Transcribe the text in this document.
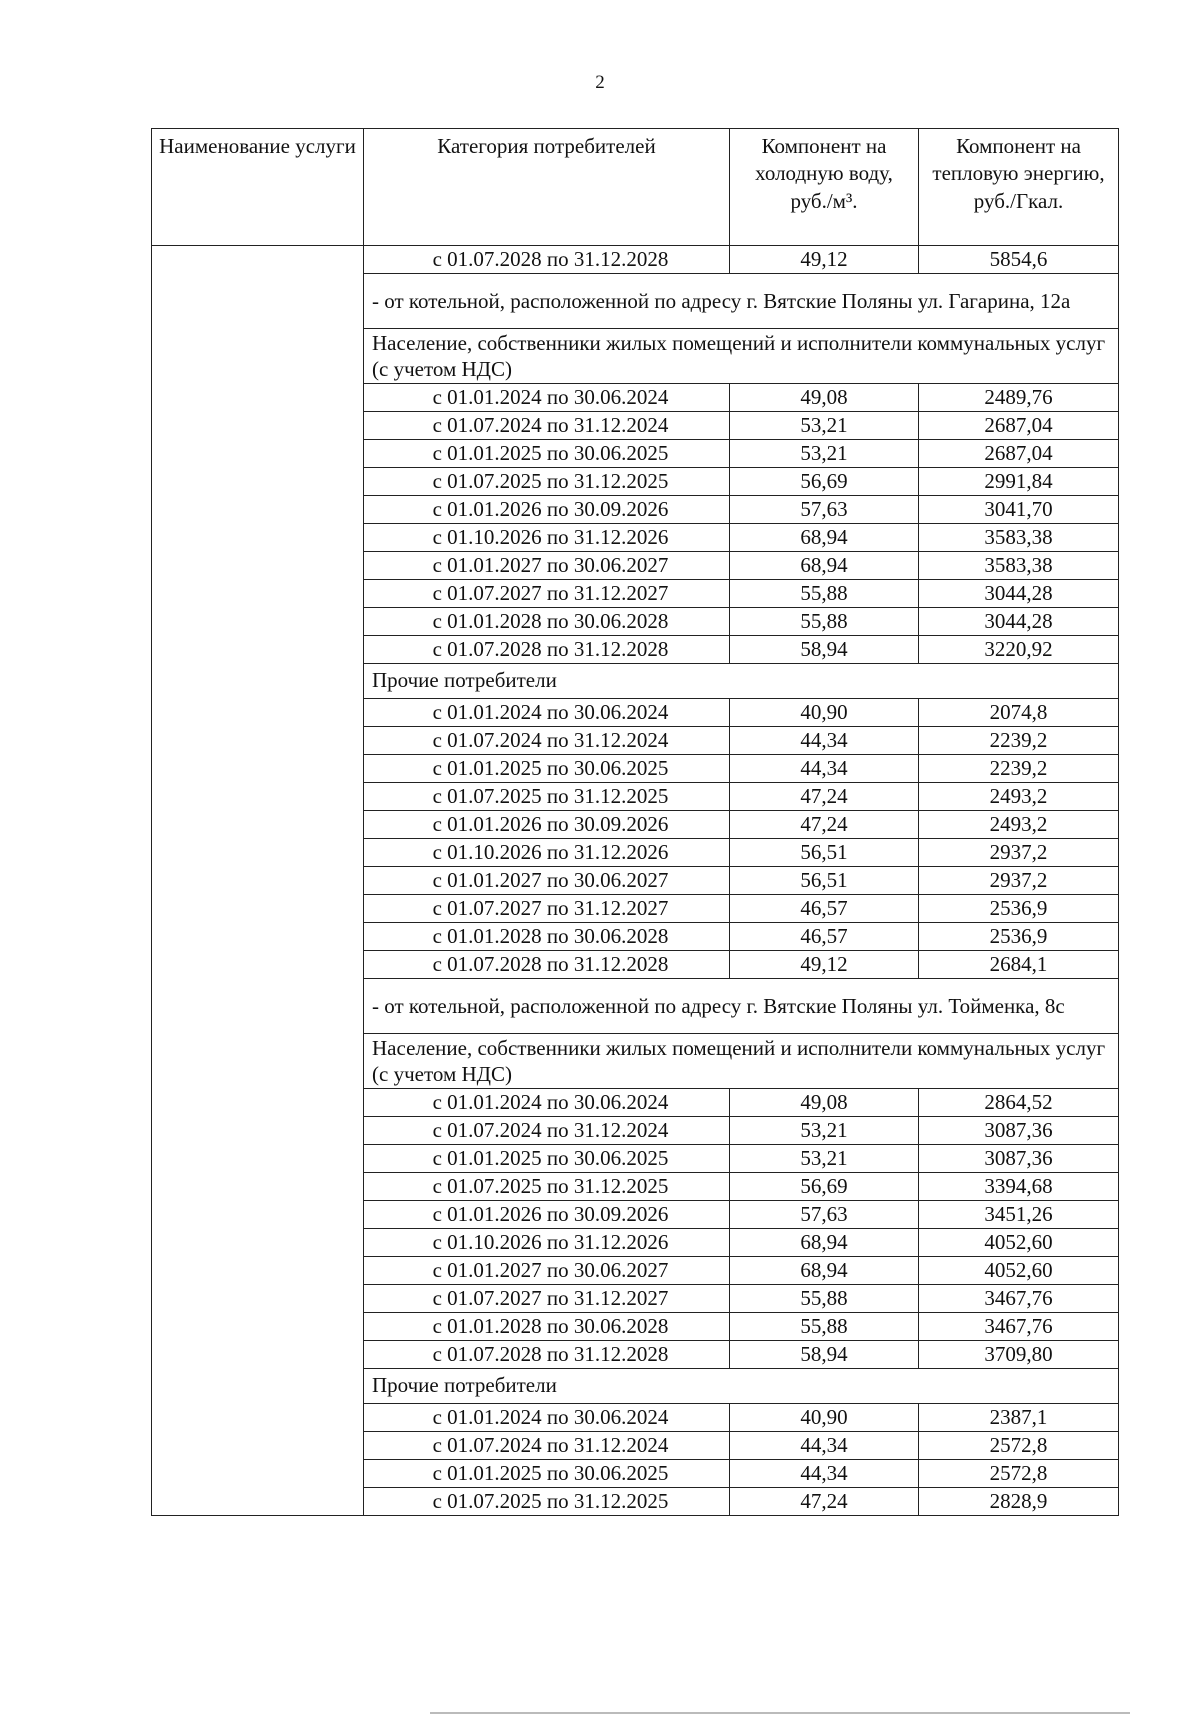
2
Наименование услуги	Категория потребителей	Компонент на холодную воду, руб./м³.	Компонент на тепловую энергию, руб./Гкал.
	с 01.07.2028 по 31.12.2028	49,12	5854,6
	- от котельной, расположенной по адресу г. Вятские Поляны ул. Гагарина, 12а		
	Население, собственники жилых помещений и исполнители коммунальных услуг (с учетом НДС)		
	с 01.01.2024 по 30.06.2024	49,08	2489,76
	с 01.07.2024 по 31.12.2024	53,21	2687,04
	с 01.01.2025 по 30.06.2025	53,21	2687,04
	с 01.07.2025 по 31.12.2025	56,69	2991,84
	с 01.01.2026 по 30.09.2026	57,63	3041,70
	с 01.10.2026 по 31.12.2026	68,94	3583,38
	с 01.01.2027 по 30.06.2027	68,94	3583,38
	с 01.07.2027 по 31.12.2027	55,88	3044,28
	с 01.01.2028 по 30.06.2028	55,88	3044,28
	с 01.07.2028 по 31.12.2028	58,94	3220,92
	Прочие потребители		
	с 01.01.2024 по 30.06.2024	40,90	2074,8
	с 01.07.2024 по 31.12.2024	44,34	2239,2
	с 01.01.2025 по 30.06.2025	44,34	2239,2
	с 01.07.2025 по 31.12.2025	47,24	2493,2
	с 01.01.2026 по 30.09.2026	47,24	2493,2
	с 01.10.2026 по 31.12.2026	56,51	2937,2
	с 01.01.2027 по 30.06.2027	56,51	2937,2
	с 01.07.2027 по 31.12.2027	46,57	2536,9
	с 01.01.2028 по 30.06.2028	46,57	2536,9
	с 01.07.2028 по 31.12.2028	49,12	2684,1
	- от котельной, расположенной по адресу г. Вятские Поляны ул. Тойменка, 8с		
	Население, собственники жилых помещений и исполнители коммунальных услуг (с учетом НДС)		
	с 01.01.2024 по 30.06.2024	49,08	2864,52
	с 01.07.2024 по 31.12.2024	53,21	3087,36
	с 01.01.2025 по 30.06.2025	53,21	3087,36
	с 01.07.2025 по 31.12.2025	56,69	3394,68
	с 01.01.2026 по 30.09.2026	57,63	3451,26
	с 01.10.2026 по 31.12.2026	68,94	4052,60
	с 01.01.2027 по 30.06.2027	68,94	4052,60
	с 01.07.2027 по 31.12.2027	55,88	3467,76
	с 01.01.2028 по 30.06.2028	55,88	3467,76
	с 01.07.2028 по 31.12.2028	58,94	3709,80
	Прочие потребители		
	с 01.01.2024 по 30.06.2024	40,90	2387,1
	с 01.07.2024 по 31.12.2024	44,34	2572,8
	с 01.01.2025 по 30.06.2025	44,34	2572,8
	с 01.07.2025 по 31.12.2025	47,24	2828,9
